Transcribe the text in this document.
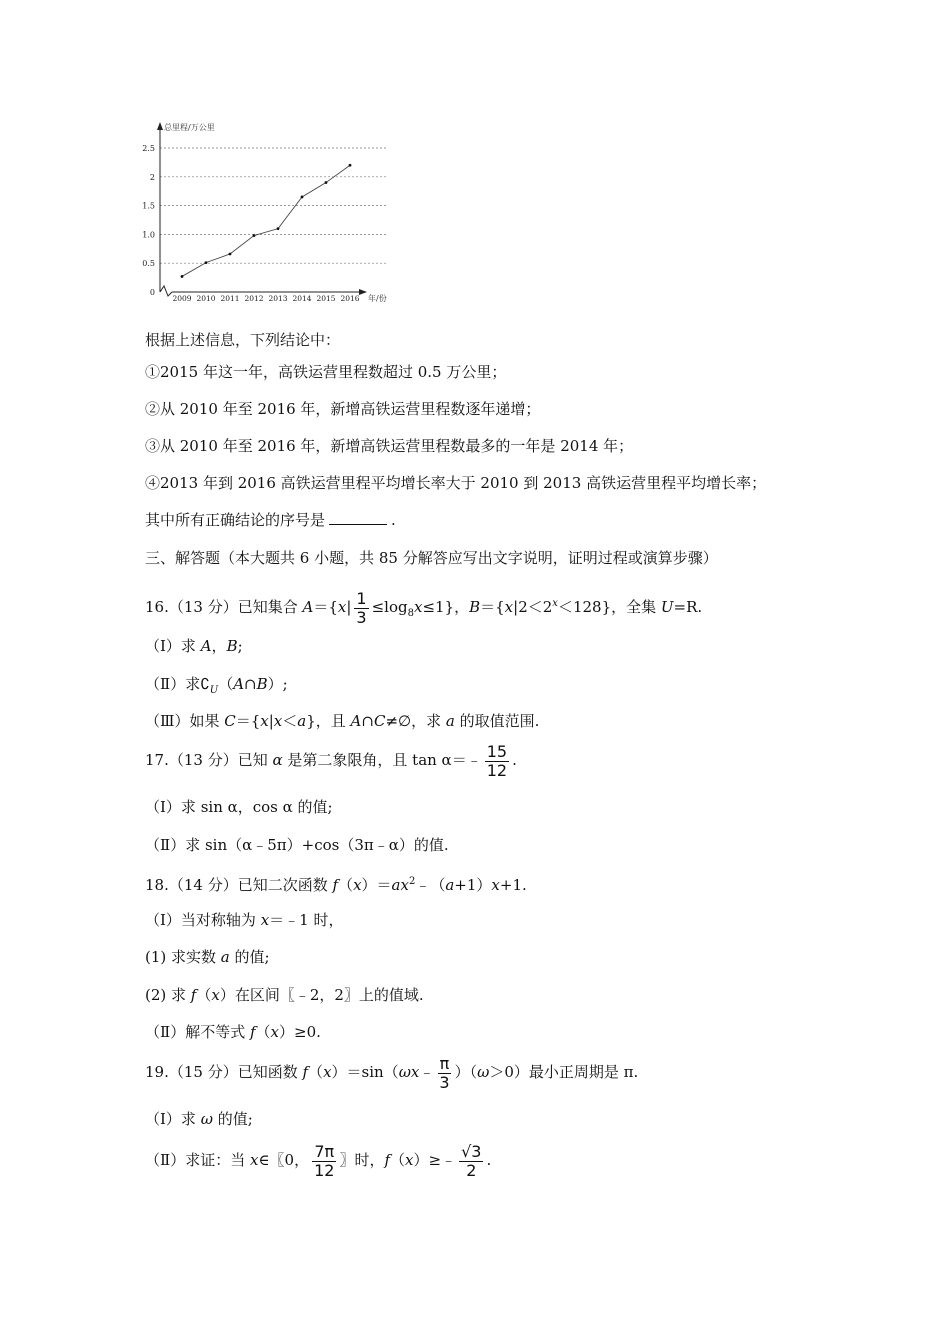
总里程/万公里
年/份
0
0.5
1.0
1.5
2
2.5
2009 2010 2011 2012 2013 2014 2015 2016
根据上述信息，下列结论中：
①2015 年这一年，高铁运营里程数超过 0.5 万公里；
②从 2010 年至 2016 年，新增高铁运营里程数逐年递增；
③从 2010 年至 2016 年，新增高铁运营里程数最多的一年是 2014 年；
④2013 年到 2016 高铁运营里程平均增长率大于 2010 到 2013 高铁运营里程平均增长率；
其中所有正确结论的序号是	.
三、解答题（本大题共 6 小题，共 85 分解答应写出文字说明，证明过程或演算步骤）
16.（13 分）已知集合 $A=\{x| \frac{1}{3} \le\log_8x\le 1\}$，$B=\{x|2<2^x<128\}$，全集 U=R.
（Ⅰ）求 A，B;
（Ⅱ）求$∁_U(A\cap B)$;
（Ⅲ）如果 C＝{x|x＜a}，且 A∩C≠∅，求 a 的取值范围.
17.（13 分）已知 α 是第二象限角，且 tan α＝﹣ $\frac{15}{12}$ .
（Ⅰ）求 sin α，cos α 的值;
（Ⅱ）求 sin（α﹣5π）+cos（3π﹣α）的值.
18.（14 分）已知二次函数 $f(x)=ax^2﹣(a+1)x+1$.
（Ⅰ）当对称轴为 x＝﹣1 时，
(1) 求实数 a 的值;
(2) 求 f（x）在区间〖﹣2，2〗上的值域.
（Ⅱ）解不等式 f（x）≥0.
19.（15 分）已知函数 f（x）＝sin（ωx﹣ $\frac{\pi}{3} )(\omega>0)$最小正周期是 π.
（Ⅰ）求 ω 的值;
（Ⅱ）求证：当 x∈〖0， $\frac{7\pi}{12}$ 〗时，f（x）≥﹣ $\frac{√3}{2}$ .
